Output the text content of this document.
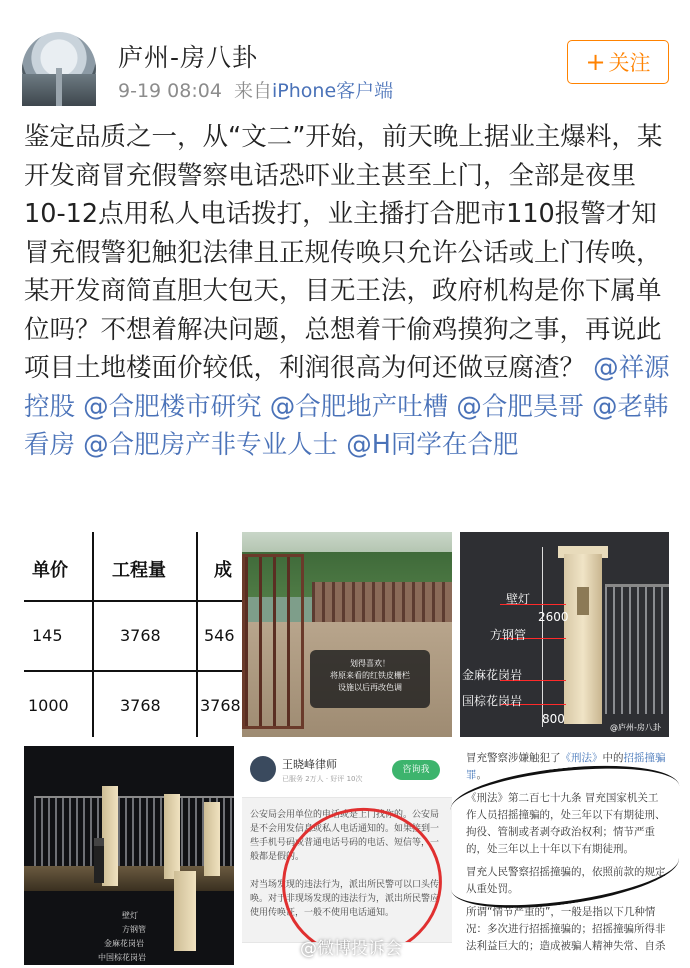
庐州-房八卦
9-19 08:04 来自iPhone客户端
+ 关注
鉴定品质之一，从“文二”开始，前天晚上据业主爆料，某开发商冒充假警察电话恐吓业主甚至上门，全部是夜里10-12点用私人电话拨打，业主播打合肥市110报警才知冒充假警犯触犯法律且正规传唤只允许公话或上门传唤，某开发商简直胆大包天，目无王法，政府机构是你下属单位吗？不想着解决问题，总想着干偷鸡摸狗之事，再说此项目土地楼面价较低，利润很高为何还做豆腐渣？ @祥源控股 @合肥楼市研究 @合肥地产吐槽 @合肥昊哥 @老韩看房 @合肥房产非专业人士 @H同学在合肥
单价 工程量	成
145	3768	546
1000	3768 3768
划得喜欢！
将原来看的红铁皮栅栏
设施以后再改色调
壁灯
2600
方钢管
金麻花岗岩
国棕花岗岩
800
@庐州-房八卦
壁灯
方钢管
金麻花岗岩
中国棕花岗岩
王晓峰律师
已服务 2万人 · 好评 10次
咨询我
公安局会用单位的电话或是上门找你的。公安局是不会用发信息或私人电话通知的。如果接到一些手机号码或普通电话号码的电话、短信等，一般都是假的。

对当场发现的违法行为，派出所民警可以口头传唤。对于非现场发现的违法行为，派出所民警应使用传唤证，一般不使用电话通知。
冒充警察涉嫌触犯了《刑法》中的招摇撞骗罪。
《刑法》第二百七十九条 冒充国家机关工作人员招摇撞骗的，处三年以下有期徒刑、拘役、管制或者剥夺政治权利；情节严重的，处三年以上十年以下有期徒刑。
冒充人民警察招摇撞骗的，依照前款的规定从重处罚。
所谓“情节严重的”，一般是指以下几种情况：多次进行招摇撞骗的；招摇撞骗所得非法利益巨大的；造成被骗人精神失常、自杀
@微博投诉会
